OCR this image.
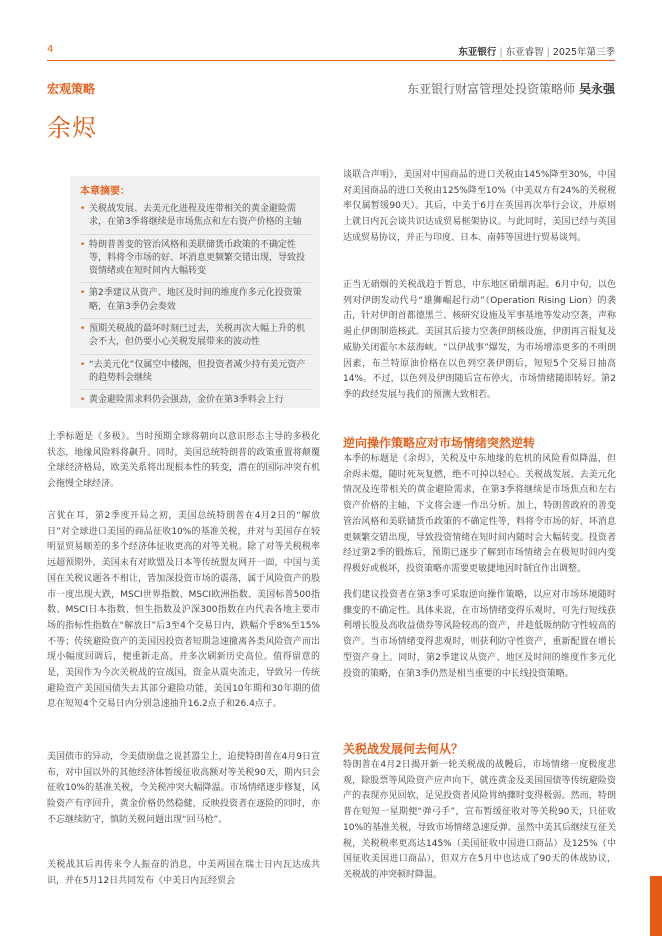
4	东亚银行 | 东亚睿智 | 2025年第三季
宏观策略	东亚银行财富管理处投资策略师 吴永强
余烬
本章摘要：
• 关税战发展、去美元化进程及连带相关的黄金避险需求，在第3季将继续是市场焦点和左右资产价格的主轴
• 特朗普善变的管治风格和美联储货币政策的不确定性等，料将令市场的好、坏消息更频繁交错出现，导致投资情绪或在短时间内大幅转变
• 第2季建议从资产、地区及时间的维度作多元化投资策略，在第3季仍会奏效
• 预期关税战的最坏时刻已过去，关税再次大幅上升的机会不大，但仍要小心关税发展带来的波动性
• “去美元化”仅属空中楼阁，但投资者减少持有美元资产的趋势料会继续
• 黄金避险需求料仍会强劲，金价在第3季料会上行

上季标题是《多极》。当时预期全球将朝向以意识形态主导的多极化状态，地缘风险料将飙升。同时，美国总统特朗普的政策重置将颠覆全球经济格局，欧美关系将出现根本性的转变，潜在的国际冲突有机会拖慢全球经济。

言犹在耳，第2季度开局之初，美国总统特朗普在4月2日的“解放日”对全球进口美国的商品征收10%的基准关税，并对与美国存在较明显贸易顺差的多个经济体征收更高的对等关税。除了对等关税税率远超预期外，美国未有对欧盟及日本等传统盟友网开一面，中国与美国在关税议题各不相让，皆加深投资市场的震荡，属于风险资产的股市一度出现大跌，MSCI世界指数、MSCI欧洲指数、美国标普500指数、MSCI日本指数、恒生指数及沪深300指数在内代表各地主要市场的指标性指数在“解放日”后3至4个交易日内，跌幅介乎8%至15%不等；传统避险资产的美国因投资者短期急速撤离各类风险资产而出现小幅度回调后，便重新走高，并多次刷新历史高位。值得留意的是，美国作为今次关税战的宣战国，资金从震央流走，导致另一传统避险资产美国国债失去其部分避险功能，美国10年期和30年期的债息在短短4个交易日内分别急速抽升16.2点子和26.4点子。

美国债市的异动，令美债崩盘之说甚嚣尘上，迫使特朗普在4月9日宣布，对中国以外的其他经济体暂缓征收高额对等关税90天，期内只会征收10%的基准关税，令关税冲突大幅降温。市场情绪逐步修复，风险资产有序回升，黄金价格仍然稳健，反映投资者在逐险的同时，亦不忘继续防守，慎防关税问题出现“回马枪”。

关税战其后再传来令人振奋的消息，中美两国在瑞士日内瓦达成共识，并在5月12日共同发布《中美日内瓦经贸会

谈联合声明》，美国对中国商品的进口关税由145%降至30%，中国对美国商品的进口关税由125%降至10%（中美双方有24%的关税税率仅属暂缓90天）。其后，中美于6月在英国再次举行会议，并原则上就日内瓦会谈共识达成贸易框架协议。与此同时，美国已经与英国达成贸易协议，并正与印度、日本、南韩等国进行贸易谈判。

正当无硝烟的关税战趋于暂息，中东地区硝烟再起。6月中旬，以色列对伊朗发动代号“雄狮崛起行动”（Operation Rising Lion）的袭击，针对伊朗首都德黑兰、核研究设施及军事基地等发动空袭，声称遏止伊朗制造核武。美国其后接力空袭伊朗核设施，伊朗再言报复及威胁关闭霍尔木兹海峡。“以伊战事”爆发，为市场增添更多的不明朗因素，布兰特原油价格在以色列空袭伊朗后，短短5个交易日抽高14%。不过，以色列及伊朗随后宣布停火，市场情绪随即转好。第2季的政经发展与我们的预测大致相若。

逆向操作策略应对市场情绪突然逆转

本季的标题是《余烬》，关税及中东地缘的危机的风险看似降温，但余烬未熄，随时死灰复燃，绝不可掉以轻心。关税战发展、去美元化情况及连带相关的黄金避险需求，在第3季将继续是市场焦点和左右资产价格的主轴，下文将会逐一作出分析。加上，特朗普政府的善变管治风格和美联储货币政策的不确定性等，料将令市场的好、坏消息更频繁交错出现，导致投资情绪在短时间内随时会大幅转变。投资者经过第2季的锻炼后，预期已逐步了解到市场情绪会在极短时间内变得极好或极坏，投资策略亦需要更敏捷地因时制宜作出调整。

我们建议投资者在第3季可采取逆向操作策略，以应对市场环境随时骤变的不确定性。具体来说，在市场情绪变得乐观时，可先行短线获利增长股及高收益债券等风险较高的资产，并趁低吸纳防守性较高的资产。当市场情绪变得悲观时，则获利防守性资产，重新配置在增长型资产身上。同时，第2季建议从资产、地区及时间的维度作多元化投资的策略，在第3季仍然是相当重要的中长线投资策略。

关税战发展何去何从？

特朗普在4月2日揭开新一轮关税战的战幔后，市场情绪一度极度悲观，除股票等风险资产应声向下，就连黄金及美国国债等传统避险资产的表现亦见回软，足见投资者风险胃纳骤时变得极弱。然而，特朗普在短短一星期便“弹弓手”，宣布暂缓征收对等关税90天，只征收10%的基准关税，导致市场情绪急速反弹。虽然中美其后继续互征关税，关税税率更高达145%（美国征收中国进口商品）及125%（中国征收美国进口商品），但双方在5月中也达成了90天的休战协议，关税战的冲突顿时降温。
